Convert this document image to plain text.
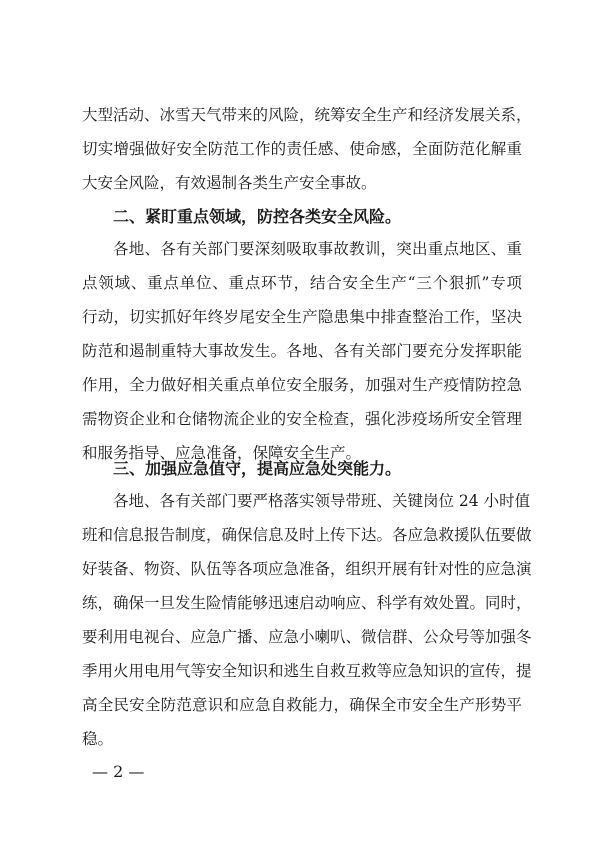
大型活动、冰雪天气带来的风险，统筹安全生产和经济发展关系，
切实增强做好安全防范工作的责任感、使命感，全面防范化解重
大安全风险，有效遏制各类生产安全事故。
二、紧盯重点领域，防控各类安全风险。
各地、各有关部门要深刻吸取事故教训，突出重点地区、重
点领域、重点单位、重点环节，结合安全生产“三个狠抓”专项
行动，切实抓好年终岁尾安全生产隐患集中排查整治工作，坚决
防范和遏制重特大事故发生。各地、各有关部门要充分发挥职能
作用，全力做好相关重点单位安全服务，加强对生产疫情防控急
需物资企业和仓储物流企业的安全检查，强化涉疫场所安全管理
和服务指导、应急准备，保障安全生产。
三、加强应急值守，提高应急处突能力。
各地、各有关部门要严格落实领导带班、关键岗位 24 小时值
班和信息报告制度，确保信息及时上传下达。各应急救援队伍要做
好装备、物资、队伍等各项应急准备，组织开展有针对性的应急演
练，确保一旦发生险情能够迅速启动响应、科学有效处置。同时，
要利用电视台、应急广播、应急小喇叭、微信群、公众号等加强冬
季用火用电用气等安全知识和逃生自救互救等应急知识的宣传，提
高全民安全防范意识和应急自救能力，确保全市安全生产形势平
稳。
— 2 —
